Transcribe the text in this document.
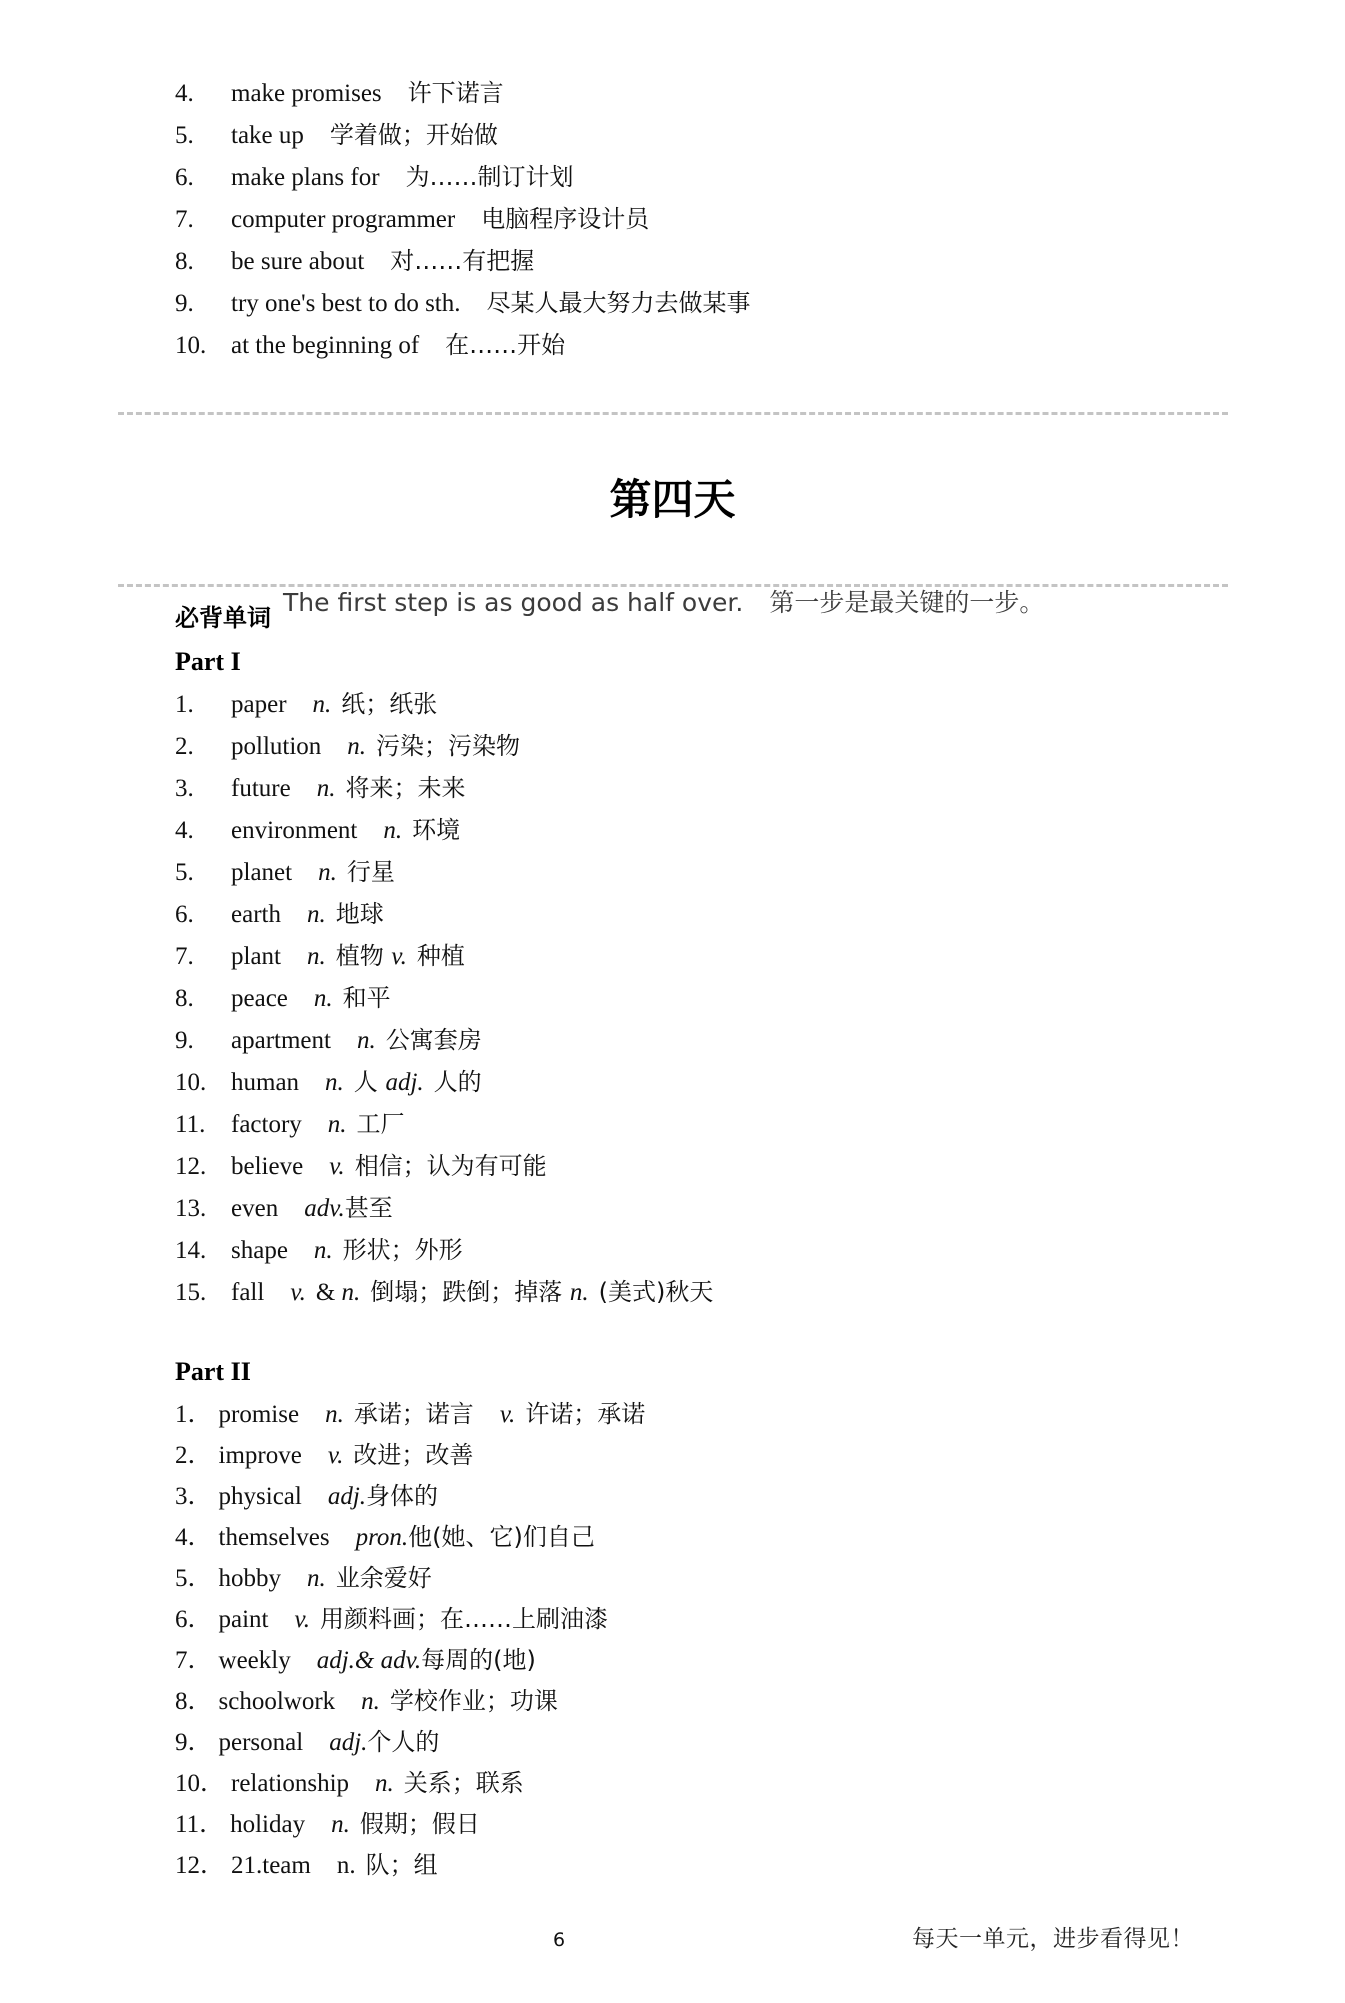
4. make promises 许下诺言
5. take up 学着做；开始做
6. make plans for 为……制订计划
7. computer programmer 电脑程序设计员
8. be sure about 对……有把握
9. try one's best to do sth. 尽某人最大努力去做某事
10. at the beginning of 在……开始
第四天
必背单词
The first step is as good as half over. 第一步是最关键的一步。
Part I
1. paper n. 纸；纸张
2. pollution n. 污染；污染物
3. future n. 将来；未来
4. environment n. 环境
5. planet n. 行星
6. earth n. 地球
7. plant n. 植物 v. 种植
8. peace n. 和平
9. apartment n. 公寓套房
10. human n. 人 adj. 人的
11. factory n. 工厂
12. believe v. 相信；认为有可能
13. even adv.甚至
14. shape n. 形状；外形
15. fall v. & n. 倒塌；跌倒；掉落 n. (美式)秋天
Part II
1． promise n. 承诺；诺言 v. 许诺；承诺
2． improve v. 改进；改善
3． physical adj.身体的
4． themselves pron.他(她、它)们自己
5． hobby n. 业余爱好
6． paint v. 用颜料画；在……上刷油漆
7． weekly adj.& adv.每周的(地)
8． schoolwork n. 学校作业；功课
9． personal adj.个人的
10． relationship n. 关系；联系
11． holiday n. 假期；假日
12． 21.team n. 队；组
6	每天一单元，进步看得见！
